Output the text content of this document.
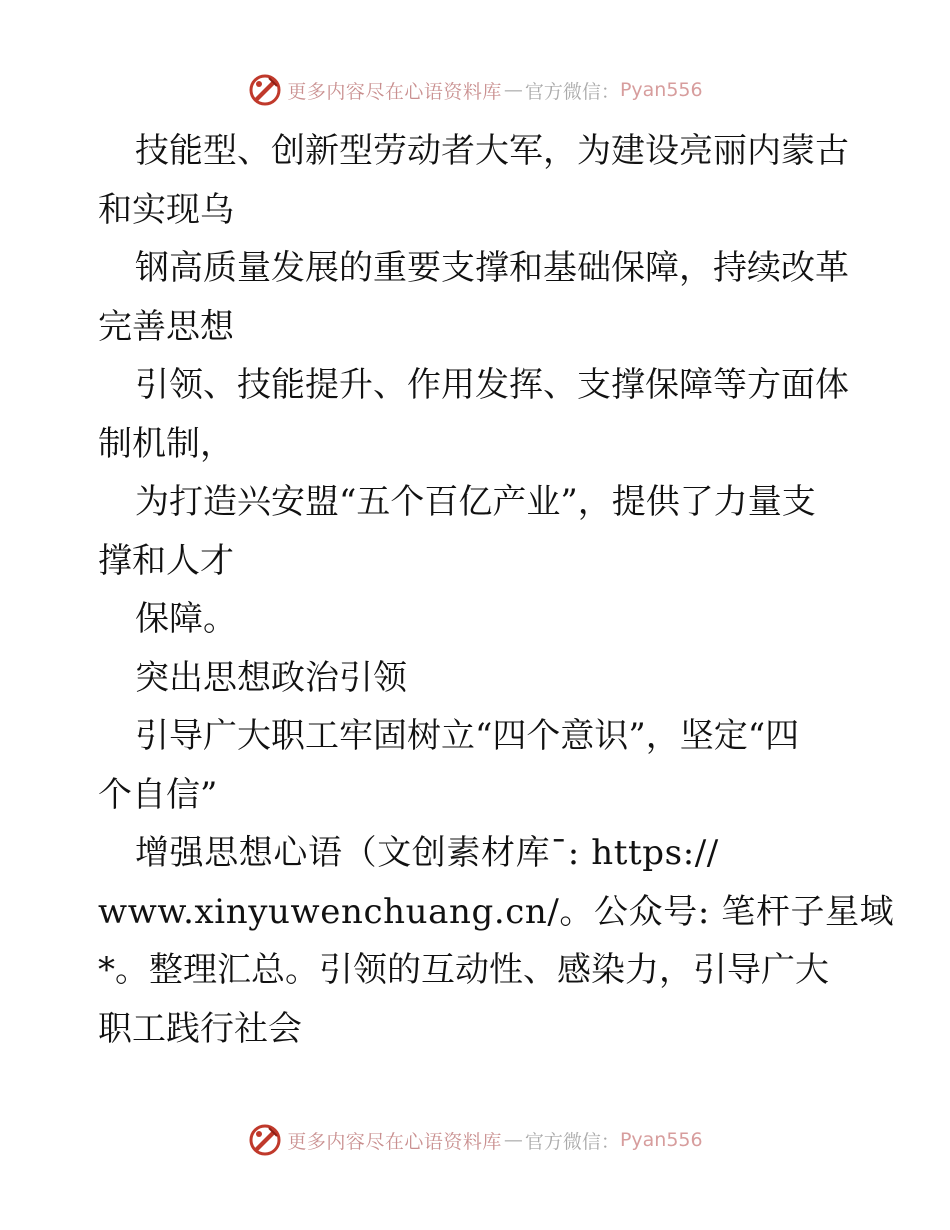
更多内容尽在心语资料库 — 官方微信： Pyan556
技能型、创新型劳动者大军，为建设亮丽内蒙古
和实现乌
钢高质量发展的重要支撑和基础保障，持续改革
完善思想
引领、技能提升、作用发挥、支撑保障等方面体
制机制，
为打造兴安盟“五个百亿产业”，提供了力量支
撑和人才
保障。
突出思想政治引领
引导广大职工牢固树立“四个意识”，坚定“四
个自信”
增强思想心语（文创素材库¯: https://
www.xinyuwenchuang.cn/。公众号: 笔杆子星域
*。整理汇总。引领的互动性、感染力，引导广大
职工践行社会
更多内容尽在心语资料库 — 官方微信： Pyan556
